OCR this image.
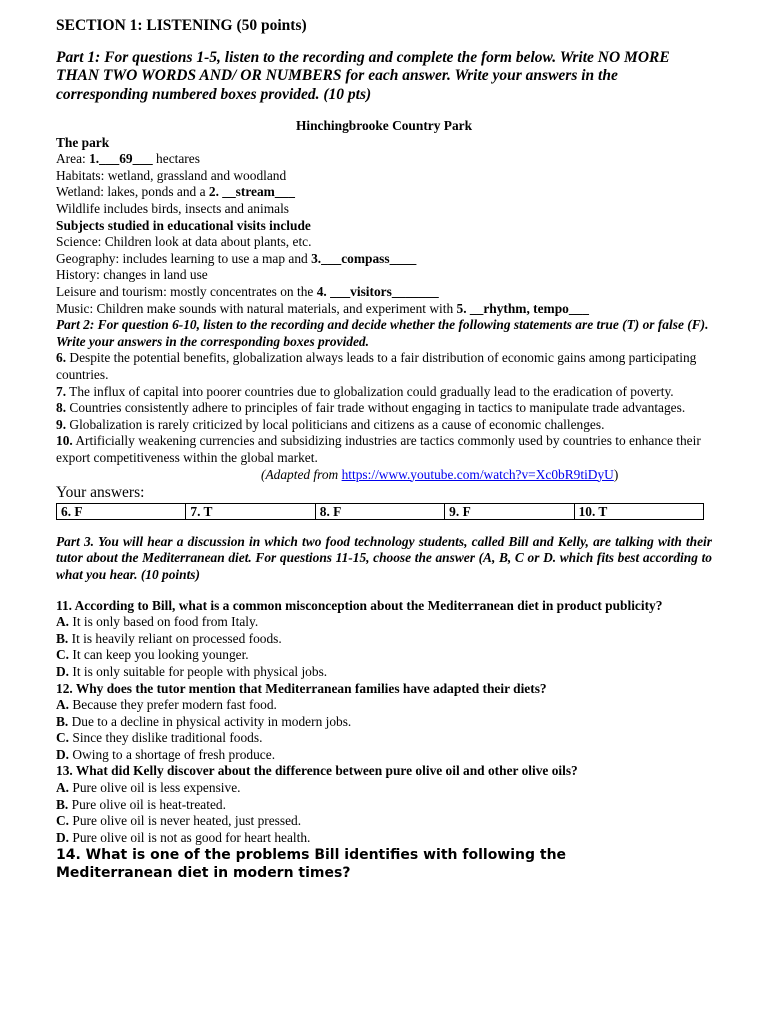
SECTION 1: LISTENING (50 points)
Part 1: For questions 1-5, listen to the recording and complete the form below. Write NO MORE THAN TWO WORDS AND/ OR NUMBERS for each answer. Write your answers in the corresponding numbered boxes provided. (10 pts)
Hinchingbrooke Country Park
The park
Area: 1.___69___ hectares
Habitats: wetland, grassland and woodland
Wetland: lakes, ponds and a 2. __stream___
Wildlife includes birds, insects and animals
Subjects studied in educational visits include
Science: Children look at data about plants, etc.
Geography: includes learning to use a map and 3.___compass____
History: changes in land use
Leisure and tourism: mostly concentrates on the 4. ___visitors_______
Music: Children make sounds with natural materials, and experiment with 5. __rhythm, tempo___
Part 2: For question 6-10, listen to the recording and decide whether the following statements are true (T) or false (F). Write your answers in the corresponding boxes provided.
6. Despite the potential benefits, globalization always leads to a fair distribution of economic gains among participating countries.
7. The influx of capital into poorer countries due to globalization could gradually lead to the eradication of poverty.
8. Countries consistently adhere to principles of fair trade without engaging in tactics to manipulate trade advantages.
9. Globalization is rarely criticized by local politicians and citizens as a cause of economic challenges.
10. Artificially weakening currencies and subsidizing industries are tactics commonly used by countries to enhance their export competitiveness within the global market.
(Adapted from https://www.youtube.com/watch?v=Xc0bR9tiDyU)
Your answers:
6. F	7. T	8. F	9. F	10. T
Part 3. You will hear a discussion in which two food technology students, called Bill and Kelly, are talking with their tutor about the Mediterranean diet. For questions 11-15, choose the answer (A, B, C or D. which fits best according to what you hear. (10 points)
11. According to Bill, what is a common misconception about the Mediterranean diet in product publicity?
A. It is only based on food from Italy.
B. It is heavily reliant on processed foods.
C. It can keep you looking younger.
D. It is only suitable for people with physical jobs.
12. Why does the tutor mention that Mediterranean families have adapted their diets?
A. Because they prefer modern fast food.
B. Due to a decline in physical activity in modern jobs.
C. Since they dislike traditional foods.
D. Owing to a shortage of fresh produce.
13. What did Kelly discover about the difference between pure olive oil and other olive oils?
A. Pure olive oil is less expensive.
B. Pure olive oil is heat-treated.
C. Pure olive oil is never heated, just pressed.
D. Pure olive oil is not as good for heart health.
14. What is one of the problems Bill identifies with following the
Mediterranean diet in modern times?
